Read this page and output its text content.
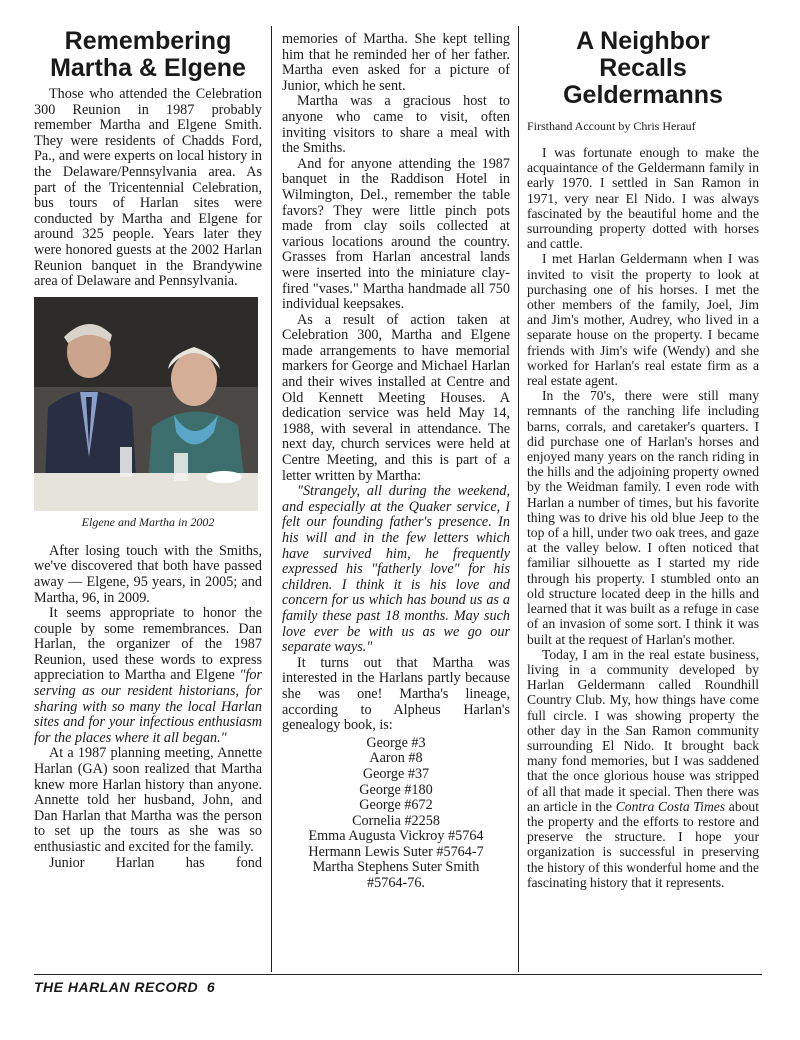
Remembering Martha & Elgene

Those who attended the Celebration 300 Reunion in 1987 probably remember Martha and Elgene Smith. They were residents of Chadds Ford, Pa., and were experts on local history in the Delaware/Pennsylvania area. As part of the Tricentennial Celebration, bus tours of Harlan sites were conducted by Martha and Elgene for around 325 people. Years later they were honored guests at the 2002 Harlan Reunion banquet in the Brandywine area of Delaware and Pennsylvania.

Elgene and Martha in 2002

After losing touch with the Smiths, we've discovered that both have passed away — Elgene, 95 years, in 2005; and Martha, 96, in 2009.

It seems appropriate to honor the couple by some remembrances. Dan Harlan, the organizer of the 1987 Reunion, used these words to express appreciation to Martha and Elgene "for serving as our resident historians, for sharing with so many the local Harlan sites and for your infectious enthusiasm for the places where it all began."

At a 1987 planning meeting, Annette Harlan (GA) soon realized that Martha knew more Harlan history than anyone. Annette told her husband, John, and Dan Harlan that Martha was the person to set up the tours as she was so enthusiastic and excited for the family.

Junior Harlan has fond

memories of Martha. She kept telling him that he reminded her of her father. Martha even asked for a picture of Junior, which he sent.

Martha was a gracious host to anyone who came to visit, often inviting visitors to share a meal with the Smiths.

And for anyone attending the 1987 banquet in the Raddison Hotel in Wilmington, Del., remember the table favors? They were little pinch pots made from clay soils collected at various locations around the country. Grasses from Harlan ancestral lands were inserted into the miniature clay-fired "vases." Martha handmade all 750 individual keepsakes.

As a result of action taken at Celebration 300, Martha and Elgene made arrangements to have memorial markers for George and Michael Harlan and their wives installed at Centre and Old Kennett Meeting Houses. A dedication service was held May 14, 1988, with several in attendance. The next day, church services were held at Centre Meeting, and this is part of a letter written by Martha:

"Strangely, all during the weekend, and especially at the Quaker service, I felt our founding father's presence. In his will and in the few letters which have survived him, he frequently expressed his "fatherly love" for his children. I think it is his love and concern for us which has bound us as a family these past 18 months. May such love ever be with us as we go our separate ways."

It turns out that Martha was interested in the Harlans partly because she was one! Martha's lineage, according to Alpheus Harlan's genealogy book, is:

George #3
Aaron #8
George #37
George #180
George #672
Cornelia #2258
Emma Augusta Vickroy #5764
Hermann Lewis Suter #5764-7
Martha Stephens Suter Smith
#5764-76.
A Neighbor Recalls Geldermanns
Firsthand Account by Chris Herauf

I was fortunate enough to make the acquaintance of the Geldermann family in early 1970. I settled in San Ramon in 1971, very near El Nido. I was always fascinated by the beautiful home and the surrounding property dotted with horses and cattle.

I met Harlan Geldermann when I was invited to visit the property to look at purchasing one of his horses. I met the other members of the family, Joel, Jim and Jim's mother, Audrey, who lived in a separate house on the property. I became friends with Jim's wife (Wendy) and she worked for Harlan's real estate firm as a real estate agent.

In the 70's, there were still many remnants of the ranching life including barns, corrals, and caretaker's quarters. I did purchase one of Harlan's horses and enjoyed many years on the ranch riding in the hills and the adjoining property owned by the Weidman family. I even rode with Harlan a number of times, but his favorite thing was to drive his old blue Jeep to the top of a hill, under two oak trees, and gaze at the valley below. I often noticed that familiar silhouette as I started my ride through his property. I stumbled onto an old structure located deep in the hills and learned that it was built as a refuge in case of an invasion of some sort. I think it was built at the request of Harlan's mother.

Today, I am in the real estate business, living in a community developed by Harlan Geldermann called Roundhill Country Club. My, how things have come full circle. I was showing property the other day in the San Ramon community surrounding El Nido. It brought back many fond memories, but I was saddened that the once glorious house was stripped of all that made it special. Then there was an article in the Contra Costa Times about the property and the efforts to restore and preserve the structure. I hope your organization is successful in preserving the history of this wonderful home and the fascinating history that it represents.

THE HARLAN RECORD  6
